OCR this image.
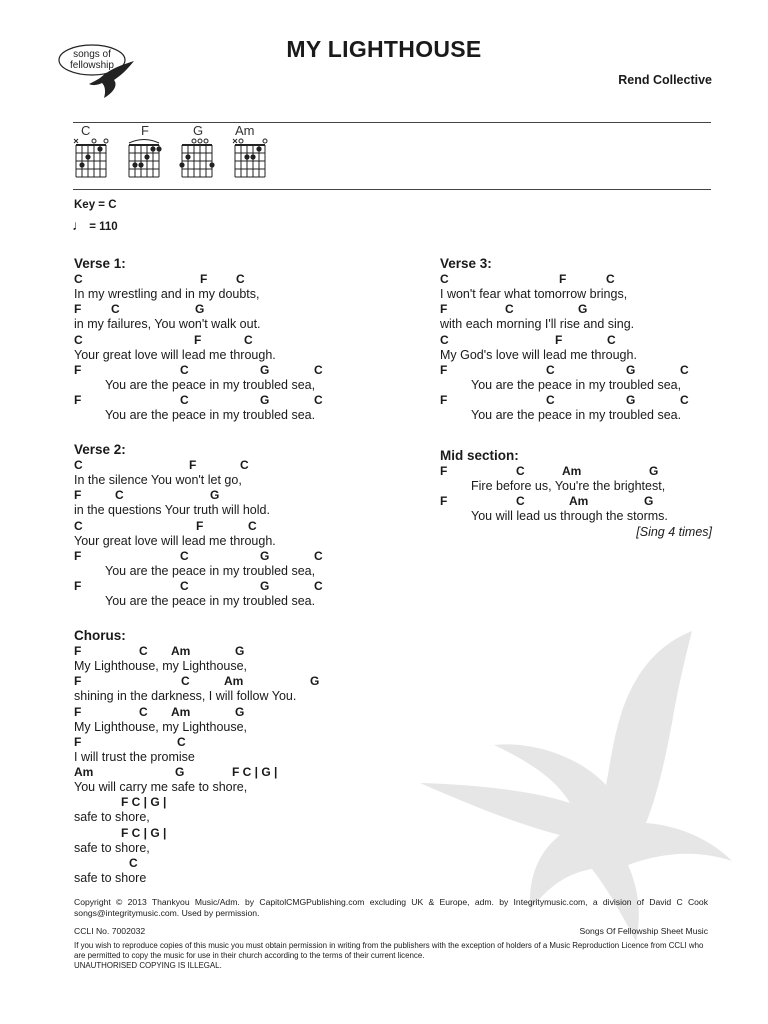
songs of
fellowship
MY LIGHTHOUSE
Rend Collective
C	F	G Am
Key = C
♩ = 110
Verse 1:
C	F C
In my wrestling and in my doubts,
F C	G
in my failures, You won't walk out.
C	F	C
Your great love will lead me through.
F	C	G	C
You are the peace in my troubled sea,
F	C	G	C
You are the peace in my troubled sea.
Verse 2:
C	F	C
In the silence You won't let go,
F	C	G
in the questions Your truth will hold.
C	F	C
Your great love will lead me through.
F	C	G	C
You are the peace in my troubled sea,
F	C	G	C
You are the peace in my troubled sea.
Chorus:
F	C Am	G
My Lighthouse, my Lighthouse,
F	C	Am	G
shining in the darkness, I will follow You.
F	C Am	G
My Lighthouse, my Lighthouse,
F	C
I will trust the promise
Am	G	F C | G |
You will carry me safe to shore,
F C | G |
safe to shore,
F C | G |
safe to shore,
C
safe to shore
Verse 3:
C	F	C
I won't fear what tomorrow brings,
F	C	G
with each morning I'll rise and sing.
C	F	C
My God's love will lead me through.
F	C	G	C
You are the peace in my troubled sea,
F	C	G	C
You are the peace in my troubled sea.
Mid section:
F	C	Am	G
Fire before us, You're the brightest,
F	C	Am	G
You will lead us through the storms.
[Sing 4 times]
Copyright © 2013 Thankyou Music/Adm. by CapitolCMGPublishing.com excluding UK & Europe, adm. by Integritymusic.com, a division of David C Cook songs@integritymusic.com. Used by permission.
CCLI No. 7002032	Songs Of Fellowship Sheet Music
If you wish to reproduce copies of this music you must obtain permission in writing from the publishers with the exception of holders of a Music Reproduction Licence from CCLI who are permitted to copy the music for use in their church according to the terms of their current licence.
UNAUTHORISED COPYING IS ILLEGAL.
